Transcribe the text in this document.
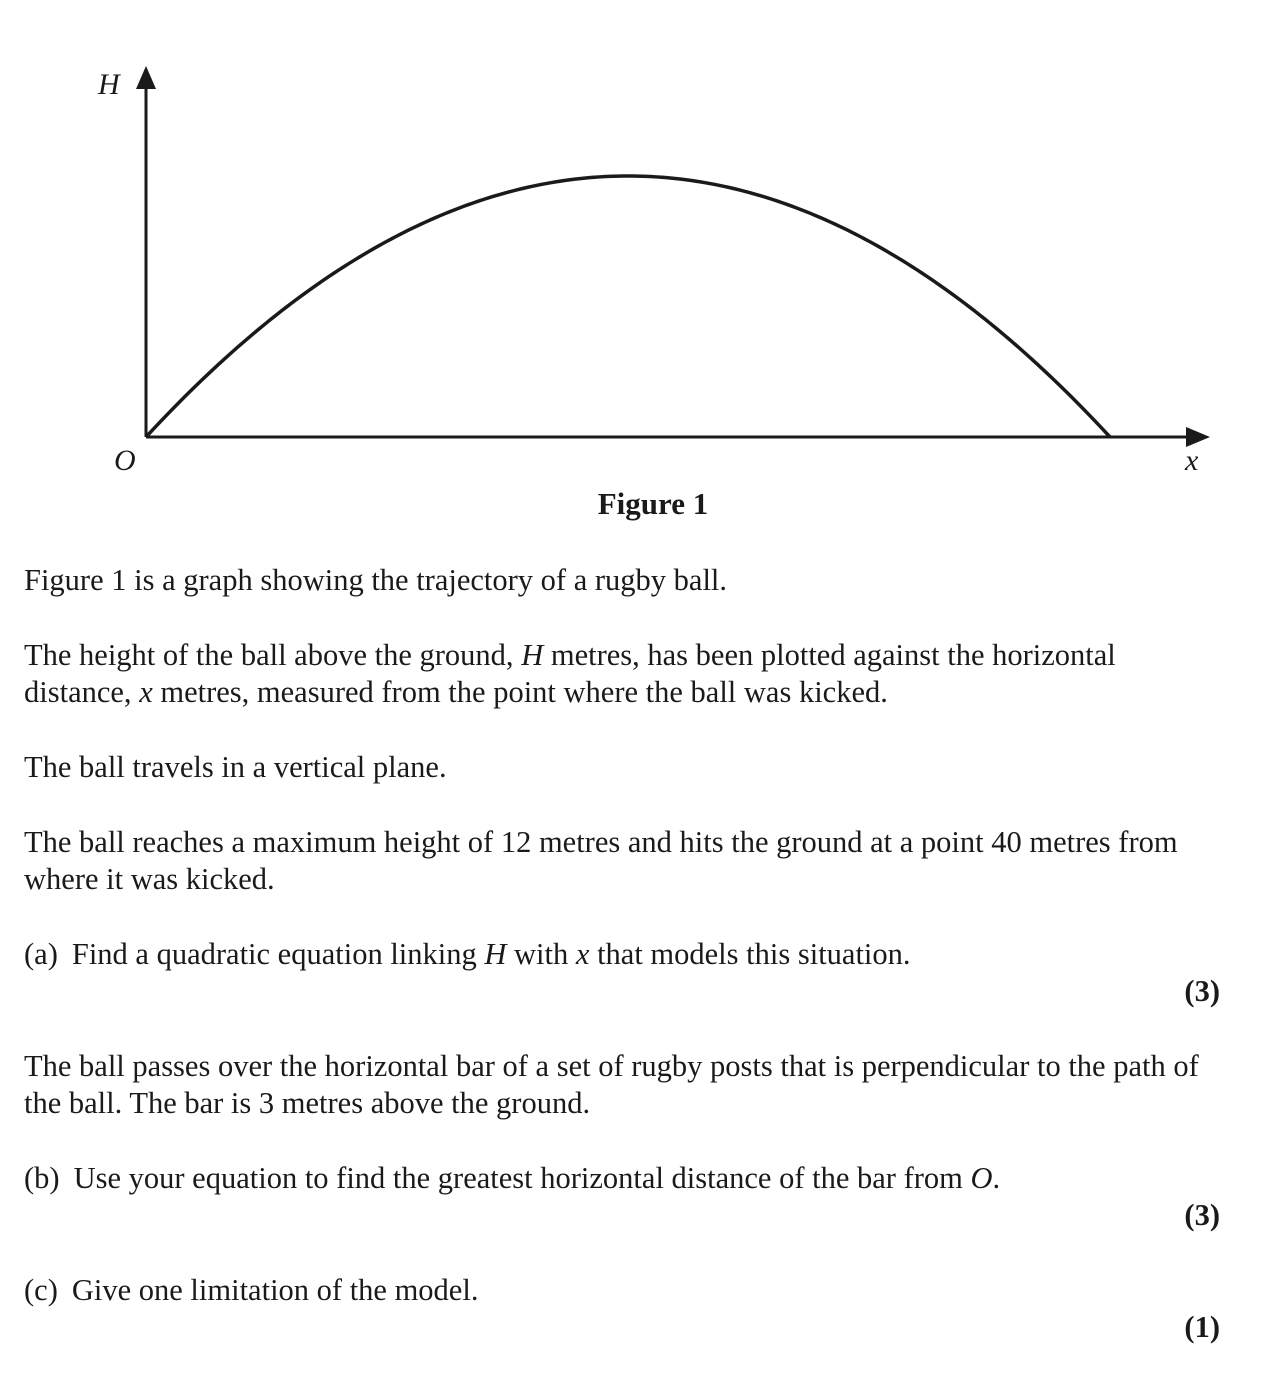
H
x
O
Figure 1

Figure 1 is a graph showing the trajectory of a rugby ball.

The height of the ball above the ground, H metres, has been plotted against the horizontal distance, x metres, measured from the point where the ball was kicked.

The ball travels in a vertical plane.

The ball reaches a maximum height of 12 metres and hits the ground at a point 40 metres from where it was kicked.

(a) Find a quadratic equation linking H with x that models this situation.

(3)

The ball passes over the horizontal bar of a set of rugby posts that is perpendicular to the path of the ball. The bar is 3 metres above the ground.

(b) Use your equation to find the greatest horizontal distance of the bar from O.

(3)

(c) Give one limitation of the model.

(1)
